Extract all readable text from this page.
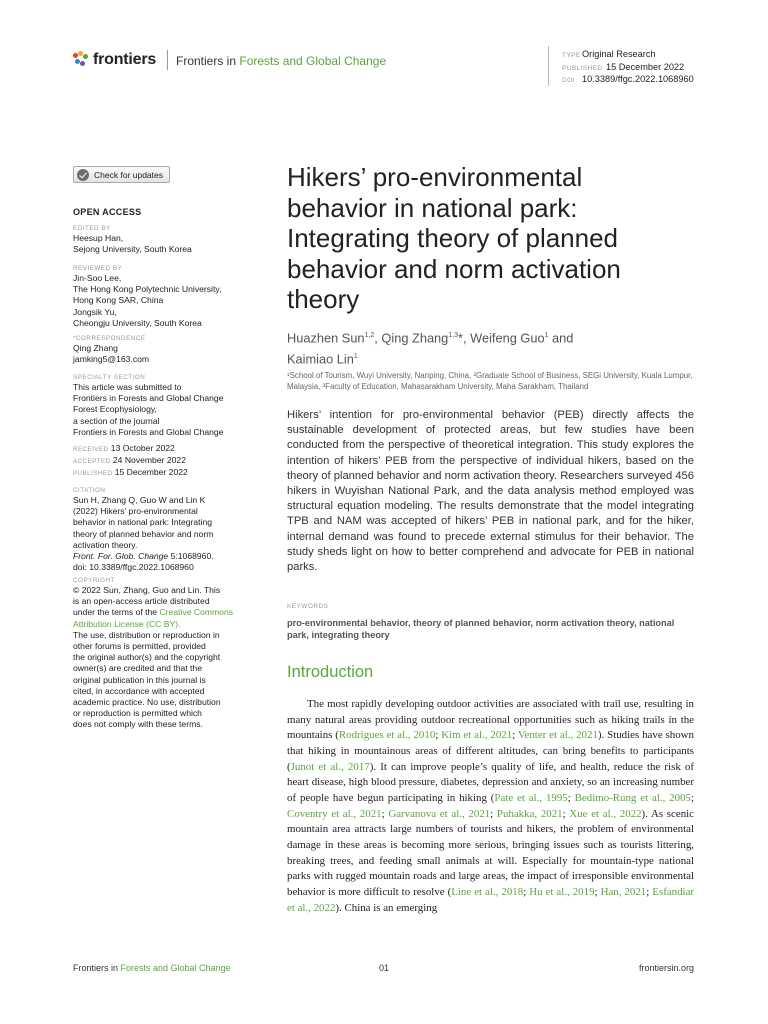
frontiers Frontiers in Forests and Global Change	TYPEOriginal Research
PUBLISHED 15 December 2022
DOI 10.3389/ffgc.2022.1068960
Check for updates
OPEN ACCESS
EDITED BY
Heesup Han,
Sejong University, South Korea
REVIEWED BY
Jin-Soo Lee,
The Hong Kong Polytechnic University,
Hong Kong SAR, China
Jongsik Yu,
Cheongju University, South Korea
*CORRESPONDENCE
Qing Zhang
jamking5@163.com
SPECIALTY SECTION
This article was submitted to
Frontiers in Forests and Global Change
Forest Ecophysiology,
a section of the journal
Frontiers in Forests and Global Change
RECEIVED 13 October 2022
ACCEPTED 24 November 2022
PUBLISHED 15 December 2022
CITATION
Sun H, Zhang Q, Guo W and Lin K
(2022) Hikers’ pro-environmental
behavior in national park: Integrating
theory of planned behavior and norm
activation theory.
Front. For. Glob. Change 5:1068960.
doi: 10.3389/ffgc.2022.1068960
COPYRIGHT
© 2022 Sun, Zhang, Guo and Lin. This
is an open-access article distributed
under the terms of the Creative Commons Attribution License (CC BY).
The use, distribution or reproduction in
other forums is permitted, provided
the original author(s) and the copyright
owner(s) are credited and that the
original publication in this journal is
cited, in accordance with accepted
academic practice. No use, distribution
or reproduction is permitted which
does not comply with these terms.
Hikers’ pro-environmental
behavior in national park:
Integrating theory of planned
behavior and norm activation
theory
Huazhen Sun$^{1,2}$, Qing Zhang$^{1,3}$*, Weifeng Guo$^1$ and
Kaimiao Lin$^1$
¹School of Tourism, Wuyi University, Nanping, China, ²Graduate School of Business, SEGi University, Kuala Lumpur, Malaysia, ³Faculty of Education, Mahasarakham University, Maha Sarakham, Thailand
Hikers’ intention for pro-environmental behavior (PEB) directly affects the sustainable development of protected areas, but few studies have been conducted from the perspective of theoretical integration. This study explores the intention of hikers’ PEB from the perspective of individual hikers, based on the theory of planned behavior and norm activation theory. Researchers surveyed 456 hikers in Wuyishan National Park, and the data analysis method employed was structural equation modeling. The results demonstrate that the model integrating TPB and NAM was accepted of hikers’ PEB in national park, and for the hiker, internal demand was found to precede external stimulus for their behavior. The study sheds light on how to better comprehend and advocate for PEB in national parks.
KEYWORDS
pro-environmental behavior, theory of planned behavior, norm activation theory, national park, integrating theory
Introduction
The most rapidly developing outdoor activities are associated with trail use, resulting in many natural areas providing outdoor recreational opportunities such as hiking trails in the mountains (Rodrigues et al., 2010; Kim et al., 2021; Venter et al., 2021). Studies have shown that hiking in mountainous areas of different altitudes, can bring benefits to participants (Junot et al., 2017). It can improve people’s quality of life, and health, reduce the risk of heart disease, high blood pressure, diabetes, depression and anxiety, so an increasing number of people have begun participating in hiking (Pate et al., 1995; Bedimo-Rung et al., 2005; Coventry et al., 2021; Garvanova et al., 2021; Puhakka, 2021; Xue et al., 2022). As scenic mountain area attracts large numbers of tourists and hikers, the problem of environmental damage in these areas is becoming more serious, bringing issues such as tourists littering, breaking trees, and feeding small animals at will. Especially for mountain-type national parks with rugged mountain roads and large areas, the impact of irresponsible environmental behavior is more difficult to resolve (Line et al., 2018; Hu et al., 2019; Han, 2021; Esfandiar et al., 2022). China is an emerging
Frontiers in Forests and Global Change	01	frontiersin.org
